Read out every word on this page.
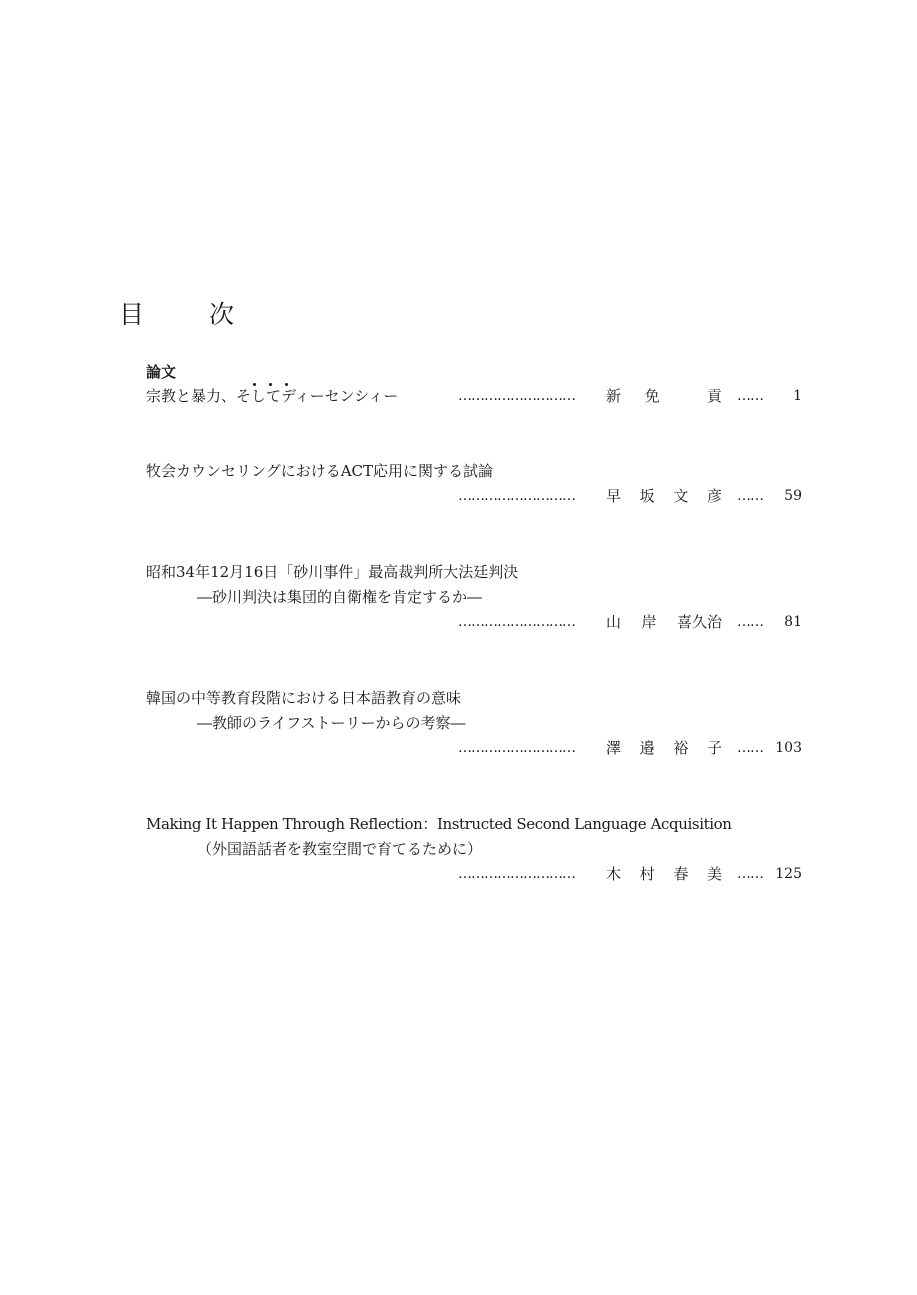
目　次
論文
宗教と暴力、そしてディーセンシィー	……………………… 新 免	貢 …… 1
牧会カウンセリングにおけるACT応用に関する試論
……………………… 早 坂 文 彦 …… 59
昭和34年12月16日「砂川事件」最高裁判所大法廷判決
―砂川判決は集団的自衛権を肯定するか―
……………………… 山 岸 喜久治 …… 81
韓国の中等教育段階における日本語教育の意味
―教師のライフストーリーからの考察―
……………………… 澤 邉 裕 子 …… 103
Making It Happen Through Reflection：Instructed Second Language Acquisition
（外国語話者を教室空間で育てるために）
……………………… 木 村 春 美 …… 125
